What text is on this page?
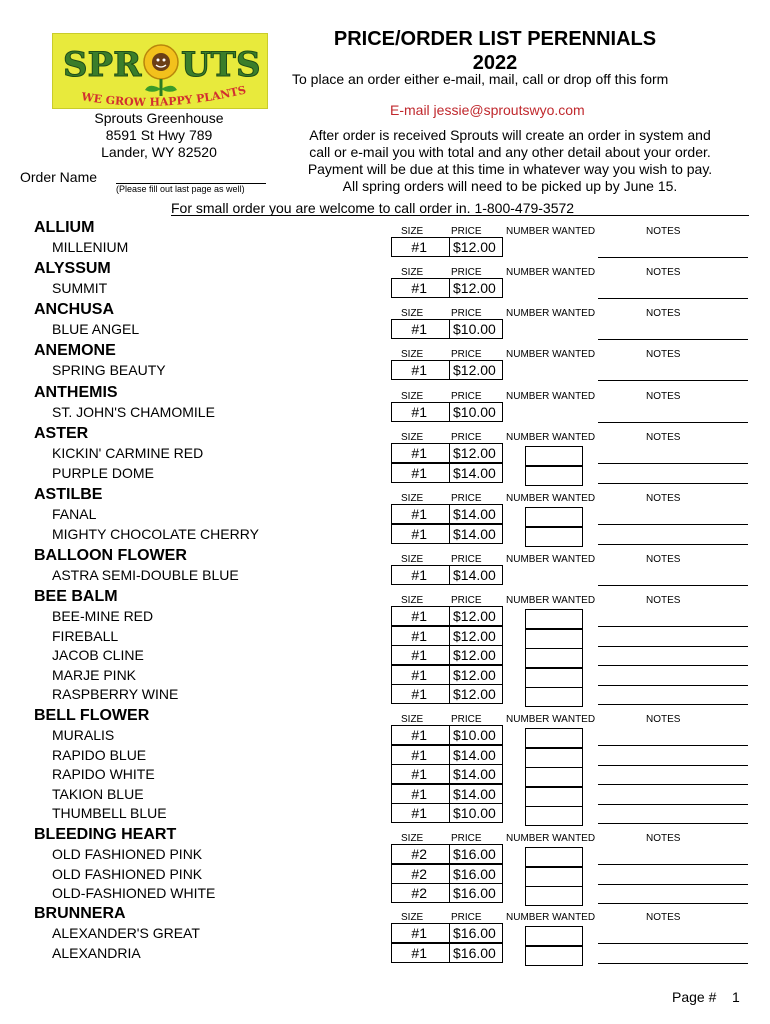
SPR UTS
WE GROW HAPPY PLANTS
Sprouts Greenhouse
8591 St Hwy 789
Lander, WY 82520
Order Name
(Please fill out last page as well)
PRICE/ORDER LIST PERENNIALS
2022
To place an order either e-mail, mail, call or drop off this form
E-mail jessie@sproutswyo.com
After order is received Sprouts will create an order in system and
call or e-mail you with total and any other detail about your order.
Payment will be due at this time in whatever way you wish to pay.
All spring orders will need to be picked up by June 15.
For small order you are welcome to call order in. 1-800-479-3572
ALLIUM	SIZE	PRICE NUMBER WANTED	NOTES
MILLENIUM	#1	$12.00
ALYSSUM	SIZE	PRICE NUMBER WANTED	NOTES
SUMMIT	#1	$12.00
ANCHUSA	SIZE	PRICE NUMBER WANTED	NOTES
BLUE ANGEL	#1	$10.00
ANEMONE	SIZE	PRICE NUMBER WANTED	NOTES
SPRING BEAUTY	#1	$12.00
ANTHEMIS	SIZE	PRICE NUMBER WANTED	NOTES
ST. JOHN'S CHAMOMILE	#1	$10.00
ASTER	SIZE	PRICE NUMBER WANTED	NOTES
KICKIN' CARMINE RED	#1	$12.00
PURPLE DOME	#1	$14.00
ASTILBE	SIZE	PRICE NUMBER WANTED	NOTES
FANAL	#1	$14.00
MIGHTY CHOCOLATE CHERRY	#1	$14.00
BALLOON FLOWER	SIZE	PRICE NUMBER WANTED	NOTES
ASTRA SEMI-DOUBLE BLUE	#1	$14.00
BEE BALM	SIZE	PRICE NUMBER WANTED	NOTES
BEE-MINE RED	#1	$12.00
FIREBALL	#1	$12.00
JACOB CLINE	#1	$12.00
MARJE PINK	#1	$12.00
RASPBERRY WINE	#1	$12.00
BELL FLOWER	SIZE	PRICE NUMBER WANTED	NOTES
MURALIS	#1	$10.00
RAPIDO BLUE	#1	$14.00
RAPIDO WHITE	#1	$14.00
TAKION BLUE	#1	$14.00
THUMBELL BLUE	#1	$10.00
BLEEDING HEART	SIZE	PRICE NUMBER WANTED	NOTES
OLD FASHIONED PINK	#2	$16.00
OLD FASHIONED PINK	#2	$16.00
OLD-FASHIONED WHITE	#2	$16.00
BRUNNERA	SIZE	PRICE NUMBER WANTED	NOTES
ALEXANDER'S GREAT	#1	$16.00
ALEXANDRIA	#1	$16.00
Page # 1
